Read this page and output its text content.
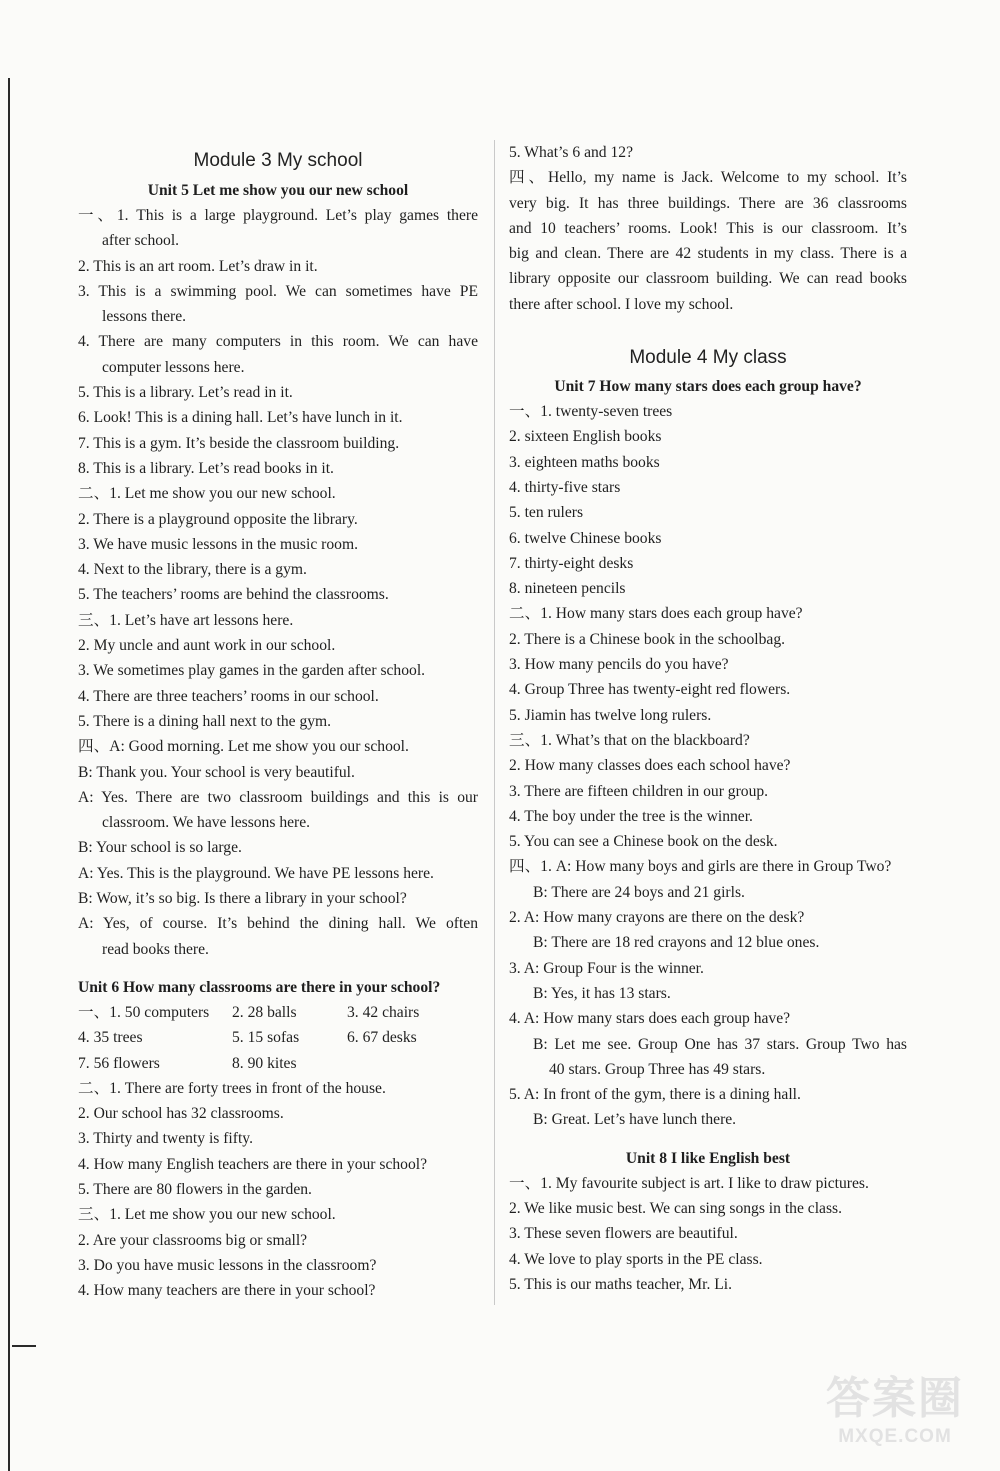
Module 3 My school
Unit 5 Let me show you our new school
一、1. This is a large playground. Let’s play games there
after school.
2. This is an art room. Let’s draw in it.
3. This is a swimming pool. We can sometimes have PE
lessons there.
4. There are many computers in this room. We can have
computer lessons here.
5. This is a library. Let’s read in it.
6. Look! This is a dining hall. Let’s have lunch in it.
7. This is a gym. It’s beside the classroom building.
8. This is a library. Let’s read books in it.
二、1. Let me show you our new school.
2. There is a playground opposite the library.
3. We have music lessons in the music room.
4. Next to the library, there is a gym.
5. The teachers’ rooms are behind the classrooms.
三、1. Let’s have art lessons here.
2. My uncle and aunt work in our school.
3. We sometimes play games in the garden after school.
4. There are three teachers’ rooms in our school.
5. There is a dining hall next to the gym.
四、A: Good morning. Let me show you our school.
B: Thank you. Your school is very beautiful.
A: Yes. There are two classroom buildings and this is our
classroom. We have lessons here.
B: Your school is so large.
A: Yes. This is the playground. We have PE lessons here.
B: Wow, it’s so big. Is there a library in your school?
A: Yes, of course. It’s behind the dining hall. We often
read books there.
Unit 6 How many classrooms are there in your school?
一、1. 50 computers	2. 28 balls	3. 42 chairs
4. 35 trees	5. 15 sofas	6. 67 desks
7. 56 flowers	8. 90 kites
二、1. There are forty trees in front of the house.
2. Our school has 32 classrooms.
3. Thirty and twenty is fifty.
4. How many English teachers are there in your school?
5. There are 80 flowers in the garden.
三、1. Let me show you our new school.
2. Are your classrooms big or small?
3. Do you have music lessons in the classroom?
4. How many teachers are there in your school?
5. What’s 6 and 12?
四、Hello, my name is Jack. Welcome to my school. It’s
very big. It has three buildings. There are 36 classrooms
and 10 teachers’ rooms. Look! This is our classroom. It’s
big and clean. There are 42 students in my class. There is a
library opposite our classroom building. We can read books
there after school. I love my school.
Module 4 My class
Unit 7 How many stars does each group have?
一、1. twenty-seven trees
2. sixteen English books
3. eighteen maths books
4. thirty-five stars
5. ten rulers
6. twelve Chinese books
7. thirty-eight desks
8. nineteen pencils
二、1. How many stars does each group have?
2. There is a Chinese book in the schoolbag.
3. How many pencils do you have?
4. Group Three has twenty-eight red flowers.
5. Jiamin has twelve long rulers.
三、1. What’s that on the blackboard?
2. How many classes does each school have?
3. There are fifteen children in our group.
4. The boy under the tree is the winner.
5. You can see a Chinese book on the desk.
四、1. A: How many boys and girls are there in Group Two?
B: There are 24 boys and 21 girls.
2. A: How many crayons are there on the desk?
B: There are 18 red crayons and 12 blue ones.
3. A: Group Four is the winner.
B: Yes, it has 13 stars.
4. A: How many stars does each group have?
B: Let me see. Group One has 37 stars. Group Two has
40 stars. Group Three has 49 stars.
5. A: In front of the gym, there is a dining hall.
B: Great. Let’s have lunch there.
Unit 8 I like English best
一、1. My favourite subject is art. I like to draw pictures.
2. We like music best. We can sing songs in the class.
3. These seven flowers are beautiful.
4. We love to play sports in the PE class.
5. This is our maths teacher, Mr. Li.
答案圈
MXQE.COM
